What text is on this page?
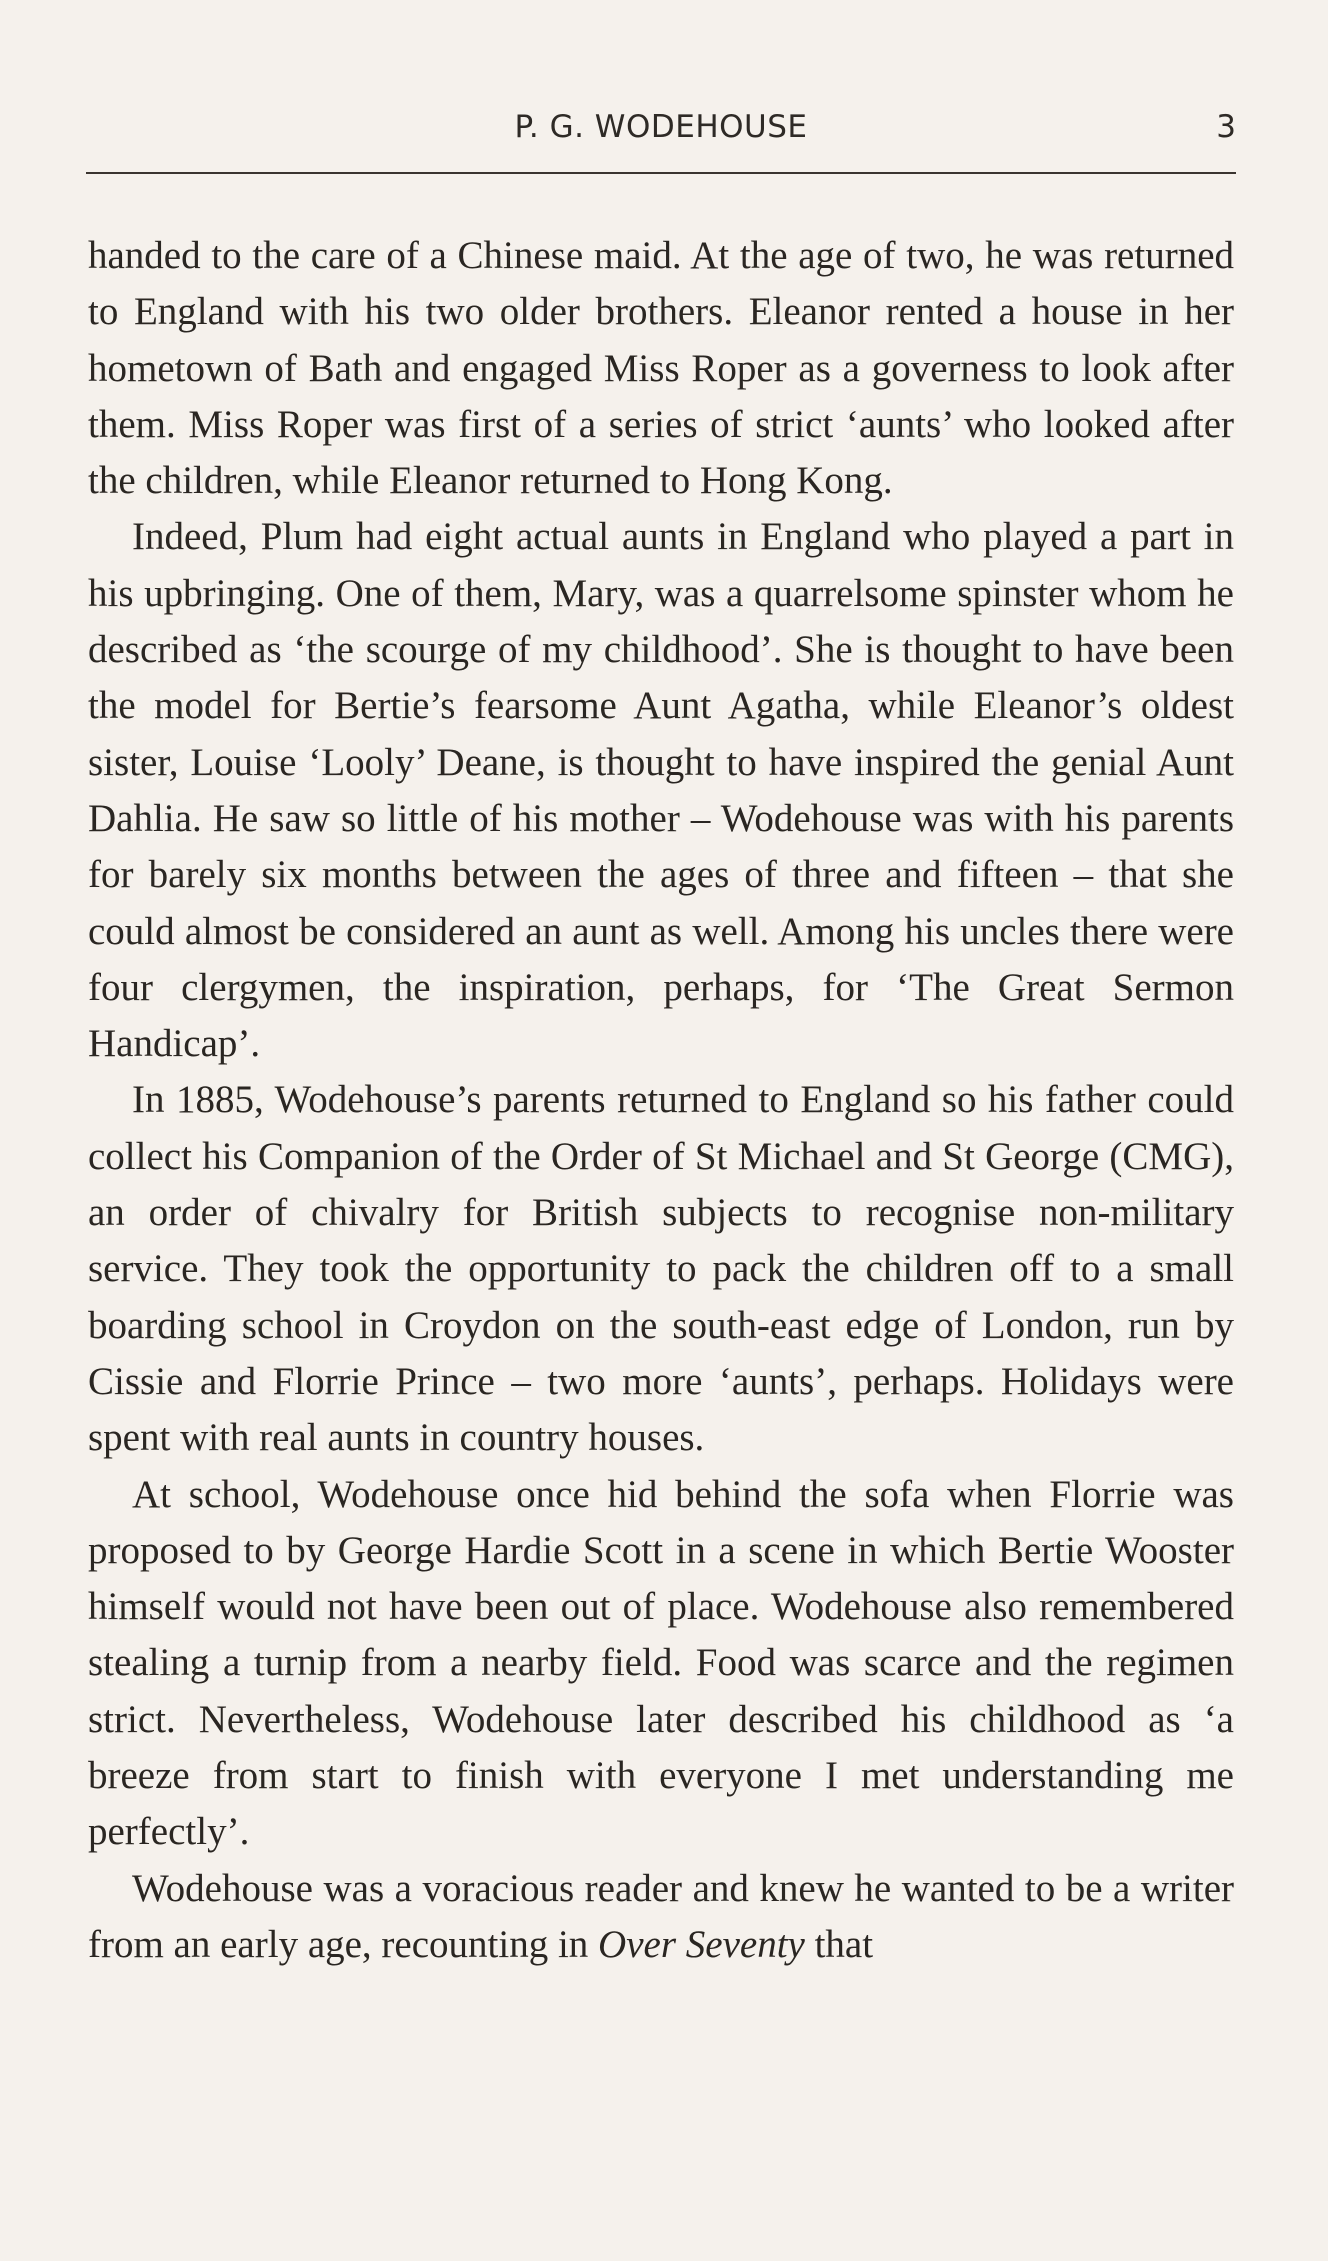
P. G. WODEHOUSE	3

handed to the care of a Chinese maid. At the age of two, he was returned to England with his two older brothers. Eleanor rented a house in her hometown of Bath and engaged Miss Roper as a governess to look after them. Miss Roper was first of a series of strict ‘aunts’ who looked after the children, while Eleanor returned to Hong Kong.

Indeed, Plum had eight actual aunts in England who played a part in his upbringing. One of them, Mary, was a quarrelsome spinster whom he described as ‘the scourge of my childhood’. She is thought to have been the model for Bertie’s fearsome Aunt Agatha, while Eleanor’s oldest sister, Louise ‘Looly’ Deane, is thought to have inspired the genial Aunt Dahlia. He saw so little of his mother – Wodehouse was with his parents for barely six months between the ages of three and fifteen – that she could almost be considered an aunt as well. Among his uncles there were four clergymen, the inspiration, perhaps, for ‘The Great Sermon Handicap’.

In 1885, Wodehouse’s parents returned to England so his father could collect his Companion of the Order of St Michael and St George (CMG), an order of chivalry for British subjects to recognise non-military service. They took the opportunity to pack the children off to a small boarding school in Croydon on the south-east edge of London, run by Cissie and Florrie Prince – two more ‘aunts’, perhaps. Holidays were spent with real aunts in country houses.

At school, Wodehouse once hid behind the sofa when Florrie was proposed to by George Hardie Scott in a scene in which Bertie Wooster himself would not have been out of place. Wodehouse also remembered stealing a turnip from a nearby field. Food was scarce and the regimen strict. Nevertheless, Wodehouse later described his childhood as ‘a breeze from start to finish with everyone I met understanding me perfectly’.

Wodehouse was a voracious reader and knew he wanted to be a writer from an early age, recounting in Over Seventy that
